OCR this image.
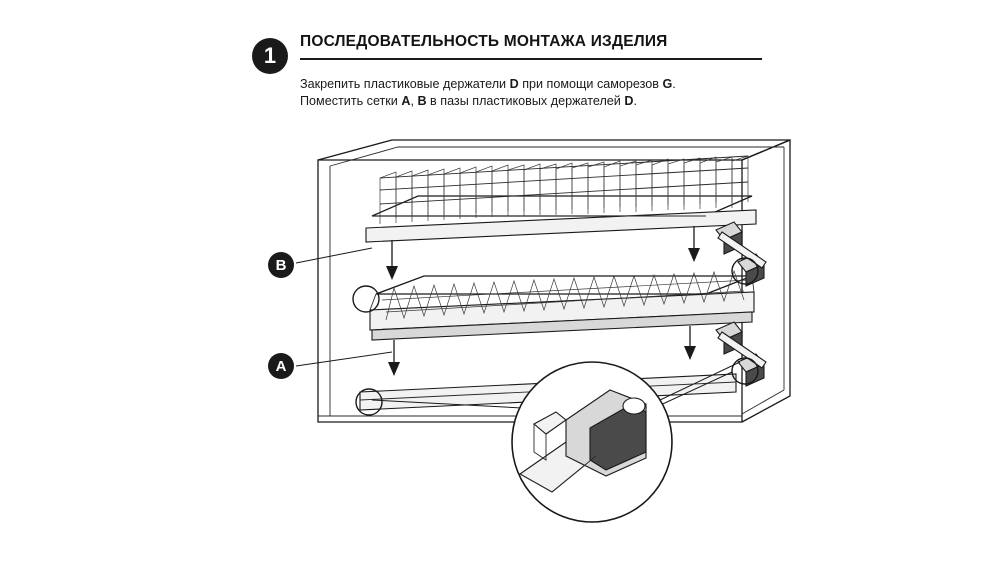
1
ПОСЛЕДОВАТЕЛЬНОСТЬ МОНТАЖА ИЗДЕЛИЯ
Закрепить пластиковые держатели D при помощи саморезов G.
Поместить сетки A, B в пазы пластиковых держателей D.
B
A
